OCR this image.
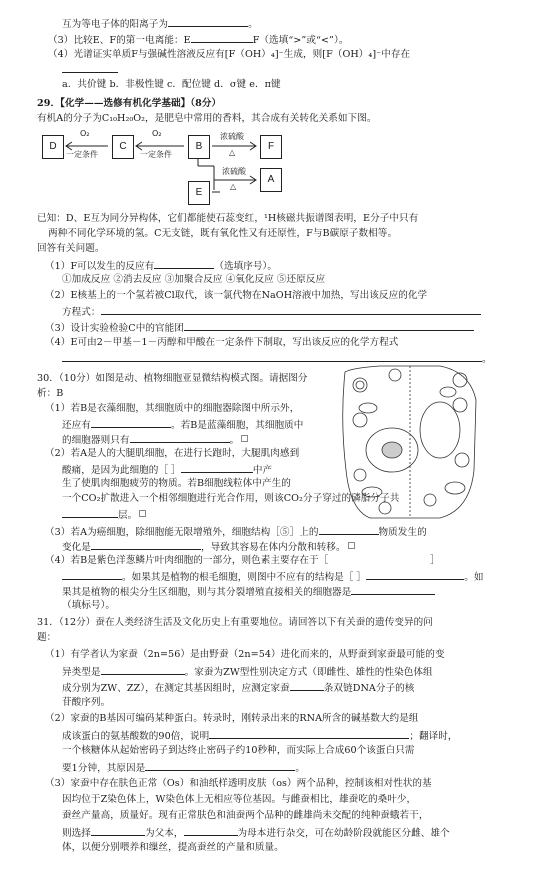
互为等电子体的阳离子为	。
（3）比较E、F的第一电离能：E	F（选填“>”或“<”）。
（4）光谱证实单质F与强碱性溶液反应有[F（OH）₄]⁻生成，则[F（OH）₄]⁻中存在
a．共价键 b．非极性键 c．配位键 d．σ键 e．π键
29．【化学——选修有机化学基础】（8分）
有机A的分子为C₁₀H₂₀O₂，是肥皂中常用的香料，其合成有关转化关系如下图。
D	C	B	F
E
A
O₂	O₂
一定条件	一定条件
浓硫酸
△
浓硫酸
△
已知：D、E互为同分异构体，它们都能使石蕊变红，¹H核磁共振谱图表明，E分子中只有
两种不同化学环境的氢。C无支链，既有氧化性又有还原性，F与B碳原子数相等。
回答有关问题。
（1）F可以发生的反应有	（选填序号）。
①加成反应 ②消去反应 ③加聚合反应 ④氧化反应 ⑤还原反应
（2）E核基上的一个氢若被Cl取代，该一氯代物在NaOH溶液中加热，写出该反应的化学
方程式：
（3）设计实验检验C中的官能团
（4）E可由2－甲基－1－丙醇和甲酸在一定条件下制取，写出该反应的化学方程式
。
30．（10分）如图是动、植物细胞亚显微结构模式图。请据图分
析：B
（1）若B是衣藻细胞，其细胞质中的细胞器除图中所示外，
还应有	。若B是蓝藻细胞，其细胞质中
的细胞器则只有	。
（2）若A是人的大腿肌细胞，在进行长跑时，大腿肌肉感到
酸痛，是因为此细胞的［ ］	中产
生了使肌肉细胞疲劳的物质。若B细胞线粒体中产生的
一个CO₂扩散进入一个相邻细胞进行光合作用，则该CO₂分子穿过的磷脂分子共
层。
（3）若A为癌细胞，除细胞能无限增殖外，细胞结构［⑤］上的	物质发生的
变化是	，导致其容易在体内分散和转移。
（4）若B是紫色洋葱鳞片叶肉细胞的一部分，则色素主要存在于［	］
。如果其是植物的根毛细胞，则图中不应有的结构是［ ］	。如
果其是植物的根尖分生区细胞，则与其分裂增殖直接相关的细胞器是
（填标号）。
31．（12分）蚕在人类经济生活及文化历史上有重要地位。请回答以下有关蚕的遗传变异的问
题：
（1）有学者认为家蚕（2n=56）是由野蚕（2n=54）进化而来的，从野蚕到家蚕最可能的变
异类型是	。家蚕为ZW型性别决定方式（即雌性、雄性的性染色体组
成分别为ZW、ZZ），在测定其基因组时，应测定家蚕	条双链DNA分子的核
苷酸序列。
（2）家蚕的B基因可编码某种蛋白。转录时，刚转录出来的RNA所含的碱基数大约是组
成该蛋白的氨基酸数的90倍，说明	；翻译时，
一个核糖体从起始密码子到达终止密码子约10秒种，而实际上合成60个该蛋白只需
要1分钟，其原因是	。
（3）家蚕中存在肤色正常（Os）和油纸样透明皮肤（os）两个品种，控制该相对性状的基
因均位于Z染色体上，W染色体上无相应等位基因。与雌蚕相比，雄蚕吃的桑叶少，
蚕丝产量高，质量好。现有正常肤色和油蚕两个品种的雌雄尚未交配的纯种蚕蛾若干，
则选择	为父本，	为母本进行杂交，可在幼龄阶段就能区分雌、雄个
体，以便分别喂养和缫丝，提高蚕丝的产量和质量。
